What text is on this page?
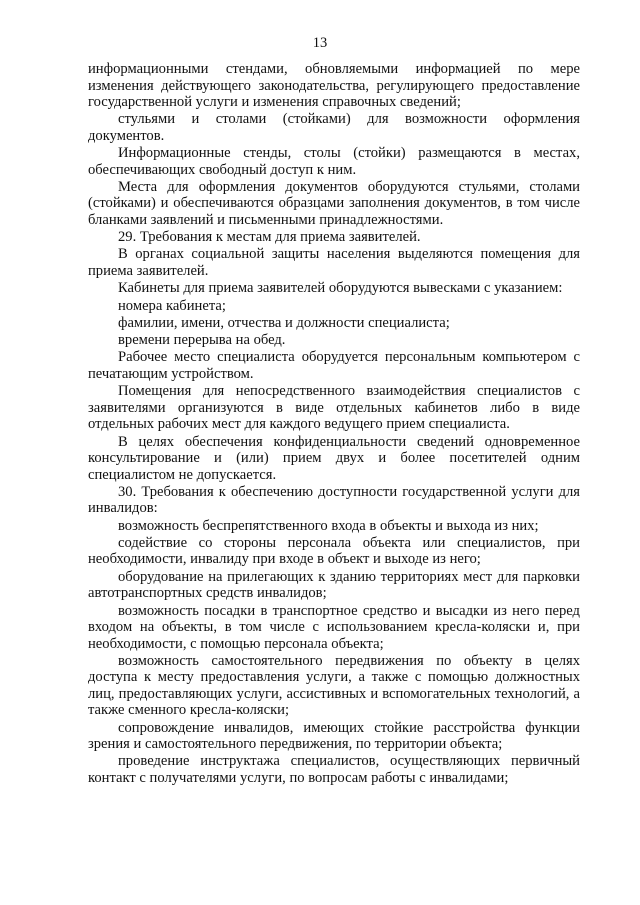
13

информационными стендами, обновляемыми информацией по мере изменения действующего законодательства, регулирующего предоставление государственной услуги и изменения справочных сведений;

стульями и столами (стойками) для возможности оформления документов.

Информационные стенды, столы (стойки) размещаются в местах, обеспечивающих свободный доступ к ним.

Места для оформления документов оборудуются стульями, столами (стойками) и обеспечиваются образцами заполнения документов, в том числе бланками заявлений и письменными принадлежностями.

29. Требования к местам для приема заявителей.

В органах социальной защиты населения выделяются помещения для приема заявителей.

Кабинеты для приема заявителей оборудуются вывесками с указанием:

номера кабинета;

фамилии, имени, отчества и должности специалиста;

времени перерыва на обед.

Рабочее место специалиста оборудуется персональным компьютером с печатающим устройством.

Помещения для непосредственного взаимодействия специалистов с заявителями организуются в виде отдельных кабинетов либо в виде отдельных рабочих мест для каждого ведущего прием специалиста.

В целях обеспечения конфиденциальности сведений одновременное консультирование и (или) прием двух и более посетителей одним специалистом не допускается.

30. Требования к обеспечению доступности государственной услуги для инвалидов:

возможность беспрепятственного входа в объекты и выхода из них;

содействие со стороны персонала объекта или специалистов, при необходимости, инвалиду при входе в объект и выходе из него;

оборудование на прилегающих к зданию территориях мест для парковки автотранспортных средств инвалидов;

возможность посадки в транспортное средство и высадки из него перед входом на объекты, в том числе с использованием кресла-коляски и, при необходимости, с помощью персонала объекта;

возможность самостоятельного передвижения по объекту в целях доступа к месту предоставления услуги, а также с помощью должностных лиц, предоставляющих услуги, ассистивных и вспомогательных технологий, а также сменного кресла-коляски;

сопровождение инвалидов, имеющих стойкие расстройства функции зрения и самостоятельного передвижения, по территории объекта;

проведение инструктажа специалистов, осуществляющих первичный контакт с получателями услуги, по вопросам работы с инвалидами;
